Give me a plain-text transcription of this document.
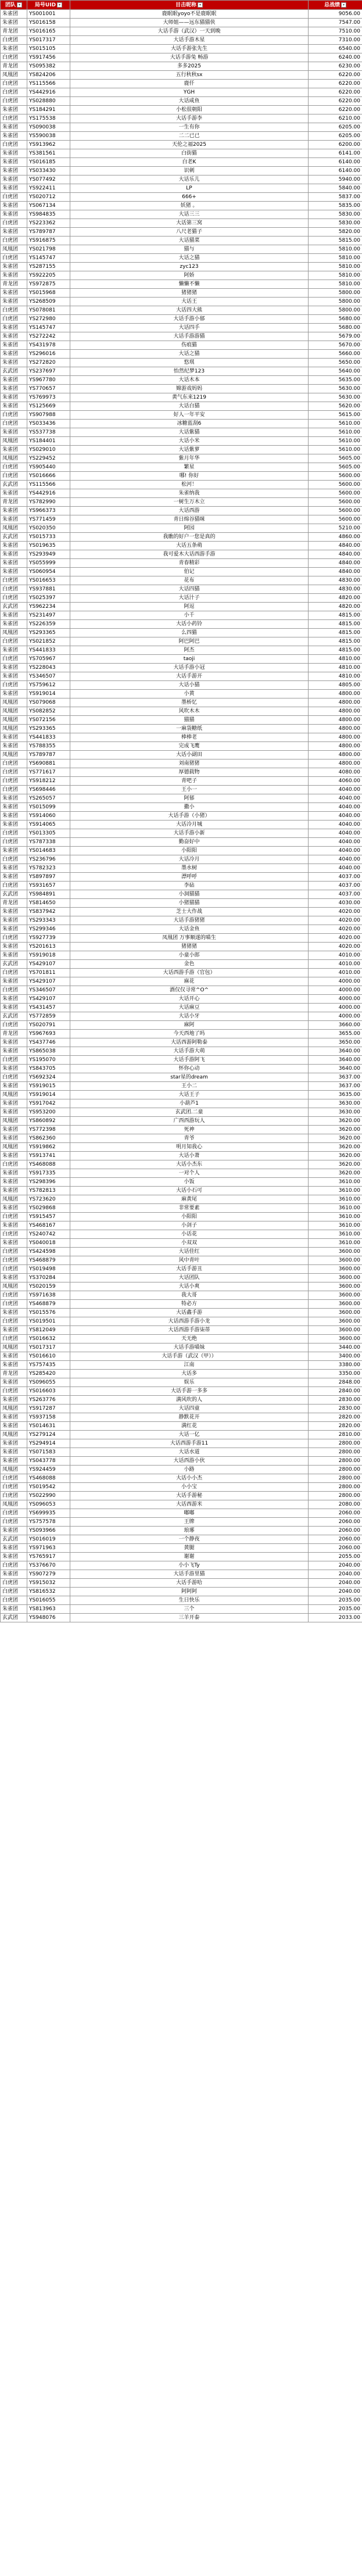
团队 ▾	局号UID ▾	目击昵称 ▾	总战绩 ▾

朱雀团	YS001001	鹿眠眠yoyo不是鹿眠眠	9056.00
朱雀团	YS016158	大师姐——远东猫猫侠	7547.00
青龙团	YS016165	大话手游（武汉）一天到晚	7510.00
白虎团	YS017317	大话手游木星	7310.00
朱雀团	YS015105	大话手游张先生	6540.00
白虎团	YS917456	大话手游兔 畅游	6240.00
青龙团	YS095382	多多2025	6230.00
凤凰团	YS824206	五行秋秋sx	6220.00
白虎团	YS115566	鹿仟	6220.00
白虎团	YS442916	YGH	6220.00
白虎团	YS028880	大话咸鱼	6220.00
朱雀团	YS184291	小松很朝阳	6220.00
白虎团	YS175538	大话手游李	6210.00
朱雀团	YS090038	一生有你	6205.00
朱雀团	YS590038	二二已已	6205.00
白虎团	YS913962	天伦之福2025	6200.00
朱雀团	YS381561	白街猫	6141.00
朱雀团	YS016185	白老K	6140.00
朱雀团	YS033430	识刺	6140.00
朱雀团	YS077492	大话乐儿	5940.00
朱雀团	YS922411	LP	5840.00
白虎团	YS020712	666+	5837.00
朱雀团	YS067134	妖猪 。	5835.00
朱雀团	YS984835	大话三三	5830.00
白虎团	YS223362	大话第三窝	5830.00
朱雀团	YS789787	八尺老猫子	5820.00
白虎团	YS916875	大话猫菜	5815.00
凤凰团	YS021798	猫与	5810.00
白虎团	YS145747	大话之猫	5810.00
朱雀团	YS287155	zyc123	5810.00
朱雀团	YS922205	阿娇	5810.00
青龙团	YS972875	懒懒不懒	5810.00
朱雀团	YS015968	猪猪猪	5800.00
朱雀团	YS268509	大话王	5800.00
白虎团	YS078081	大话四大熊	5800.00
白虎团	YS272980	大话手游小郁	5680.00
朱雀团	YS145747	大话四手	5680.00
朱雀团	YS272242	大话手游游猫	5679.00
朱雀团	YS431978	伤痕猫	5670.00
朱雀团	YS296016	大话之猫	5660.00
朱雀团	YS272820	悠琪	5650.00
玄武团	YS237697	怡然纪梦123	5640.00
朱雀团	YS967780	大话木本	5635.00
朱雀团	YS770657	嫦游戏妈妈	5630.00
朱雀团	YS769973	黄气东来1219	5630.00
朱雀团	YS125669	大话白猫	5620.00
白虎团	YS907988	好人一年平安	5615.00
白虎团	YS033436	冰糖蓝刮6	5610.00
朱雀团	YS537738	大话紫猫	5610.00
凤凰团	YS184401	大话小米	5610.00
朱雀团	YS029010	大话紫萝	5610.00
凤凰团	YS229452	紫月年华	5605.00
白虎团	YS905440	繁星	5605.00
白虎团	YS016666	哪! 你好	5600.00
玄武团	YS115566	松河！	5600.00
朱雀团	YS442916	朱雀纳我	5600.00
青龙团	YS782990	一树生万木立	5600.00
朱雀团	YS966373	大话西游	5600.00
朱雀团	YS771459	青日绵谷猫咪	5600.00
凤凰团	YS020350	阿园	5210.00
玄武团	YS015733	我瞧的好户一您是真的	4860.00
朱雀团	YS019635	大话五条萌	4840.00
朱雀团	YS293949	我可爱木大话西游手游	4840.00
朱雀团	YS055999	青春精彩	4840.00
朱雀团	YS060954	伯记	4840.00
白虎团	YS016653	花布	4830.00
白虎团	YS937881	大话四猫	4830.00
白虎团	YS025397	大话汁子	4820.00
玄武团	YS962234	阿逗	4820.00
朱雀团	YS231497	小千	4815.00
朱雀团	YS226359	大话小药铃	4815.00
凤凰团	YS293365	么四猫	4815.00
白虎团	YS021852	阿巴阿巴	4815.00
朱雀团	YS441833	阿杰	4815.00
白虎团	YS705967	taoji	4810.00
朱雀团	YS228043	大话手游小冠	4810.00
朱雀团	YS346507	大话手游开	4810.00
白虎团	YS759612	大话小猫	4805.00
朱雀团	YS919014	小黄	4800.00
凤凰团	YS079068	墨桥忆	4800.00
凤凰团	YS082852	风吹木木	4800.00
凤凰团	YS072156	猫猫	4800.00
凤凰团	YS293365	一麻袋糖纸	4800.00
朱雀团	YS441833	棒棒老	4800.00
朱雀团	YS788355	完成飞鹰	4800.00
凤凰团	YS789787	大话小副田	4800.00
白虎团	YS690881	刘南猪猪	4800.00
白虎团	YS771617	厚德载物	4080.00
白虎团	YS918212	青吧子	4060.00
白虎团	YS698446	王小一	4040.00
朱雀团	YS265057	阿郁	4040.00
朱雀团	YS015099	撒小	4040.00
朱雀团	YS914060	大话手游（小猪）	4040.00
朱雀团	YS914065	大话冷月城	4040.00
白虎团	YS013305	大话手游小新	4040.00
白虎团	YS787338	勤奋好中	4040.00
朱雀团	YS014683	小阳阳	4040.00
白虎团	YS236796	大话冷月	4040.00
朱雀团	YS782323	墨水树	4040.00
朱雀团	YS897897	漂呼呼	4037.00
白虎团	YS931657	李砧	4037.00
玄武团	YS984891	小洞猫猫	4037.00
青龙团	YS814650	小猪猫猫	4030.00
朱雀团	YS837942	芝士大作战	4020.00
朱雀团	YS293343	大话手游猪猪	4020.00
朱雀团	YS299346	大话金鱼	4020.00
白虎团	YS927739	凤凰团 万事顺遂的喵生	4020.00
朱雀团	YS201613	猪猪猪	4020.00
朱雀团	YS919018	小童小郎	4010.00
玄武团	YS429107	金色	4010.00
白虎团	YS701811	大话西游手游（官包）	4010.00
朱雀团	YS429107	麻花	4000.00
白虎团	YS346507	酒仅仅寻常^O^	4000.00
朱雀团	YS429107	大话开心	4000.00
朱雀团	YS431457	大话麻豆	4000.00
玄武团	YS772859	大话小牙	4000.00
白虎团	YS020791	麻阿	3660.00
青龙团	YS967693	今天西地了吗	3655.00
朱雀团	YS437746	大话西游阿勒泰	3650.00
朱雀团	YS865038	大话手游大萌	3640.00
白虎团	YS195070	大话手游阿飞	3640.00
朱雀团	YS843705	怀你心动	3640.00
白虎团	YS692324	star星的dream	3637.00
朱雀团	YS919015	王小二	3637.00
凤凰团	YS919014	大话王子	3635.00
朱雀团	YS917042	小葫芦1	3630.00
朱雀团	YS953200	玄武团.二童	3630.00
凤凰团	YS860892	广西西游玩人	3620.00
朱雀团	YS772398	死神	3620.00
朱雀团	YS862360	青爷	3620.00
凤凰团	YS919862	明月知我心	3620.00
朱雀团	YS913741	大话小萧	3620.00
白虎团	YS468088	大话小杰东	3620.00
朱雀团	YS917335	一对个人	3620.00
朱雀团	YS298396	小饭	3610.00
朱雀团	YS782813	大话小石可	3610.00
凤凰团	YS723620	麻黄尾	3610.00
朱雀团	YS029868	非常要素	3610.00
白虎团	YS915457	小阳阳	3610.00
朱雀团	YS468167	小剑子	3610.00
白虎团	YS240742	小话花	3610.00
朱雀团	YS040018	小双双	3610.00
白虎团	YS424598	大话佳红	3600.00
白虎团	YS468879	风中青叶	3600.00
白虎团	YS019498	大话手游丑	3600.00
朱雀团	YS370284	大话团队	3600.00
凤凰团	YS020159	大话小爽	3600.00
白虎团	YS971638	我大哥	3600.00
白虎团	YS468879	特必方	3600.00
朱雀团	YS015576	大话鑫手游	3600.00
白虎团	YS019501	大话西游手游小龙	3600.00
朱雀团	YS812049	大话西游手游柒蒂	3600.00
白虎团	YS016632	天无绝	3600.00
凤凰团	YS017317	大话手游喵妹	3440.00
朱雀团	YS016610	大话手游（武汉（甲））	3400.00
朱雀团	YS757435	江南	3380.00
青龙团	YS285420	大话多	3350.00
朱雀团	YS096055	娱乐	2848.00
白虎团	YS016603	大话手游一多多	2840.00
朱雀团	YS263776	满风吹的人	2830.00
凤凰团	YS917287	大话四童	2830.00
朱雀团	YS937158	静默花开	2820.00
朱雀团	YS014631	满红花	2820.00
凤凰团	YS279124	大话一亿	2810.00
朱雀团	YS294914	大话西游手游11	2800.00
朱雀团	YS071583	大话水道	2800.00
朱雀团	YS043778	大话西游小伙	2800.00
凤凰团	YS924459	小路	2800.00
白虎团	YS468088	大话小小杰	2800.00
白虎团	YS019542	小小宝	2800.00
白虎团	YS022990	大话手游秘	2800.00
凤凰团	YS096053	大话西游米	2080.00
白虎团	YS699935	嘟嘟	2060.00
白虎团	YS757578	王牌	2060.00
朱雀团	YS093966	琅琊	2060.00
玄武团	YS016019	一个静夜	2060.00
朱雀团	YS971963	黄腿	2060.00
朱雀团	YS765917	谢谢	2055.00
白虎团	YS376670	小小飞Ty	2040.00
朱雀团	YS907279	大话手游里猫	2040.00
白虎团	YS915032	大话手游哈	2040.00
白虎团	YS816532	阿阿阿	2040.00
白虎团	YS016055	生日快乐	2035.00
朱雀团	YS813963	三个	2035.00
玄武团	YS948076	三羊开泰	2033.00
